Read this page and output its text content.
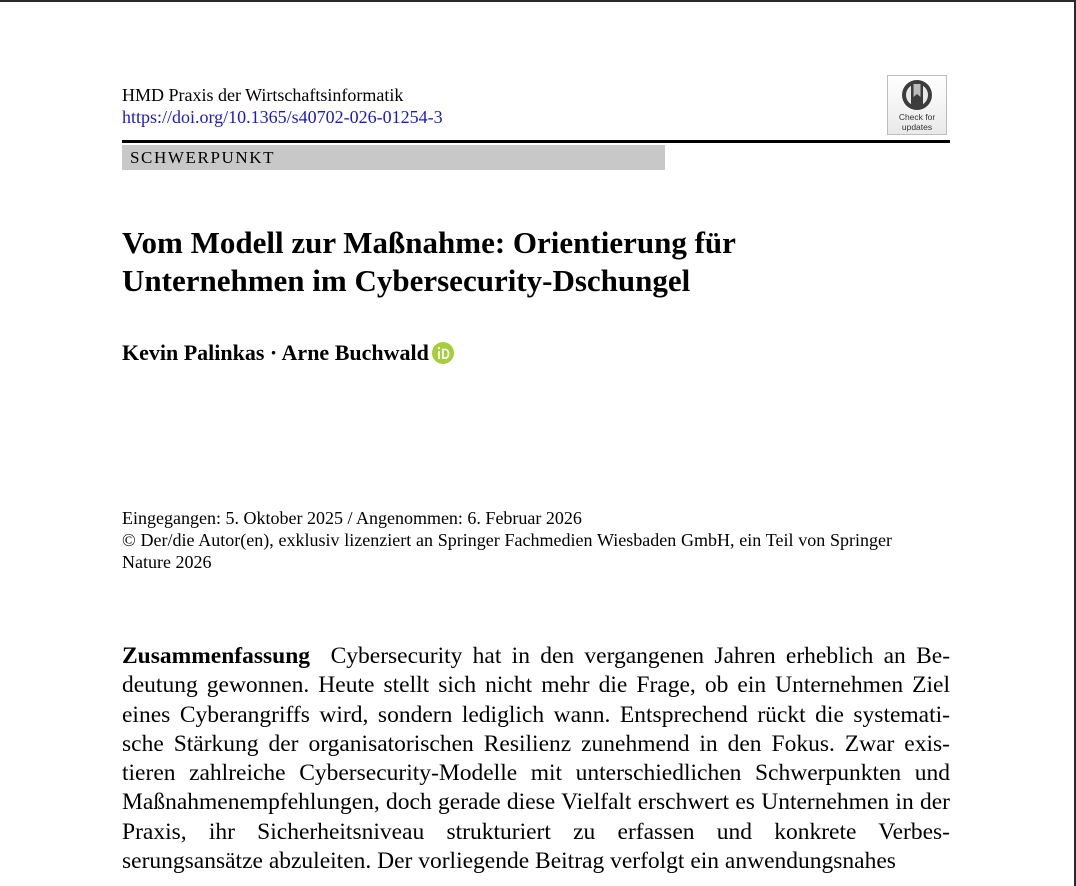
HMD Praxis der Wirtschaftsinformatik
https://doi.org/10.1365/s40702-026-01254-3	Check for
updates
SCHWERPUNKT
Vom Modell zur Maßnahme: Orientierung für Unternehmen im Cybersecurity-Dschungel
Kevin Palinkas · Arne Buchwald
Eingegangen: 5. Oktober 2025 / Angenommen: 6. Februar 2026
© Der/die Autor(en), exklusiv lizenziert an Springer Fachmedien Wiesbaden GmbH, ein Teil von Springer Nature 2026

Zusammenfassung Cybersecurity hat in den vergangenen Jahren erheblich an Bedeutung gewonnen. Heute stellt sich nicht mehr die Frage, ob ein Unternehmen Ziel eines Cyberangriffs wird, sondern lediglich wann. Entsprechend rückt die systematische Stärkung der organisatorischen Resilienz zunehmend in den Fokus. Zwar existieren zahlreiche Cybersecurity-Modelle mit unterschiedlichen Schwerpunkten und Maßnahmenempfehlungen, doch gerade diese Vielfalt erschwert es Unternehmen in der Praxis, ihr Sicherheitsniveau strukturiert zu erfassen und konkrete Verbesserungsansätze abzuleiten. Der vorliegende Beitrag verfolgt ein anwendungsnahes
